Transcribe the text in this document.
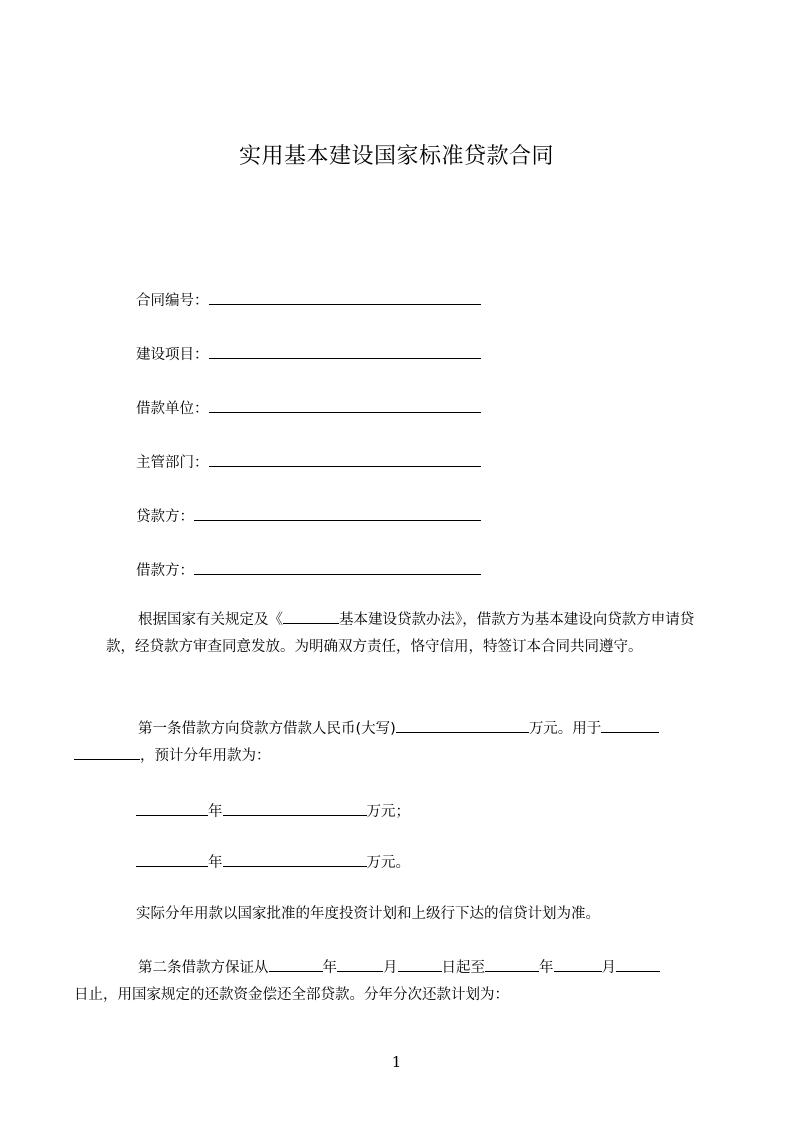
实用基本建设国家标准贷款合同
合同编号：
建设项目：
借款单位：
主管部门：
贷款方：
借款方：
根据国家有关规定及《	基本建设贷款办法》，借款方为基本建设向贷款方申请贷款，经贷款方审查同意发放。为明确双方责任，恪守信用，特签订本合同共同遵守。
第一条借款方向贷款方借款人民币(大写)	万元。用于
，预计分年用款为：
年	万元；
年	万元。
实际分年用款以国家批准的年度投资计划和上级行下达的信贷计划为准。
第二条借款方保证从	年	月	日起至	年	月
日止，用国家规定的还款资金偿还全部贷款。分年分次还款计划为：
1
